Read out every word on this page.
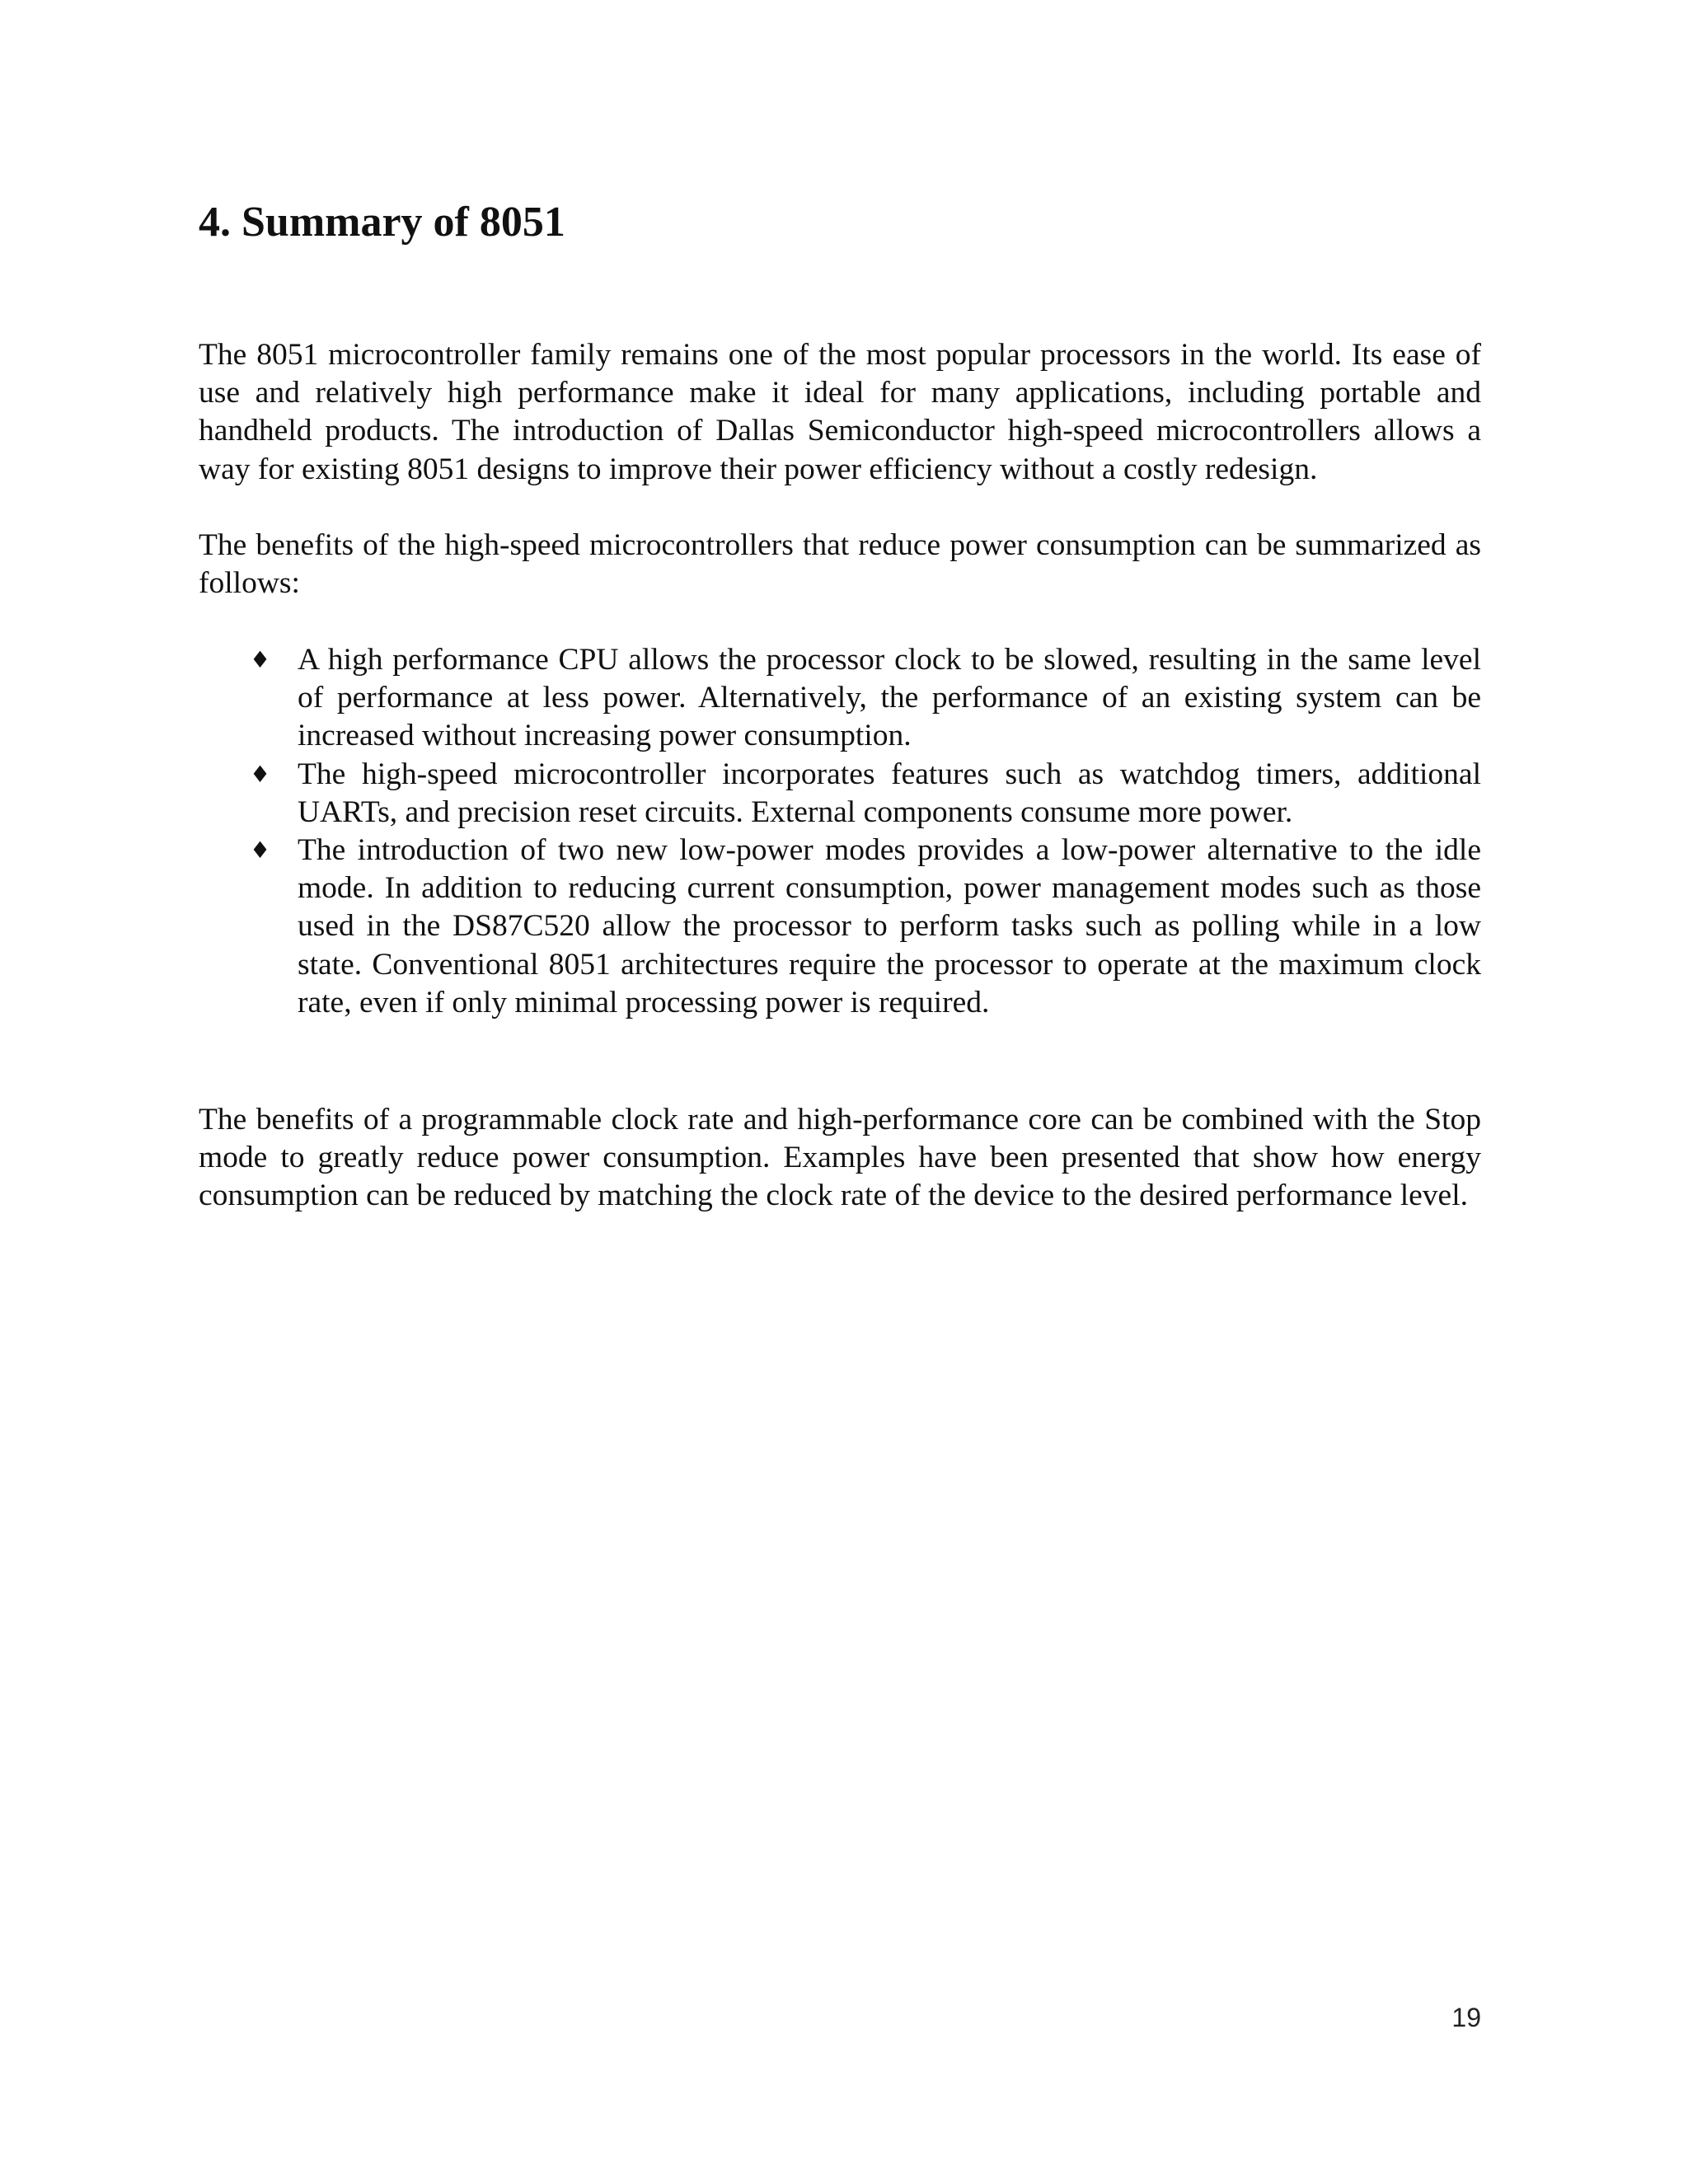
4. Summary of 8051

The 8051 microcontroller family remains one of the most popular processors in the world. Its ease of use and relatively high performance make it ideal for many applications, including portable and handheld products. The introduction of Dallas Semiconductor high-speed microcontrollers allows a way for existing 8051 designs to improve their power efficiency without a costly redesign.

The benefits of the high-speed microcontrollers that reduce power consumption can be summarized as follows:

♦ A high performance CPU allows the processor clock to be slowed, resulting in the same level of performance at less power. Alternatively, the performance of an existing system can be increased without increasing power consumption.
♦ The high-speed microcontroller incorporates features such as watchdog timers, additional UARTs, and precision reset circuits. External components consume more power.
♦ The introduction of two new low-power modes provides a low-power alternative to the idle mode. In addition to reducing current consumption, power management modes such as those used in the DS87C520 allow the processor to perform tasks such as polling while in a low state. Conventional 8051 architectures require the processor to operate at the maximum clock rate, even if only minimal processing power is required.

The benefits of a programmable clock rate and high-performance core can be combined with the Stop mode to greatly reduce power consumption. Examples have been presented that show how energy consumption can be reduced by matching the clock rate of the device to the desired performance level.

19
